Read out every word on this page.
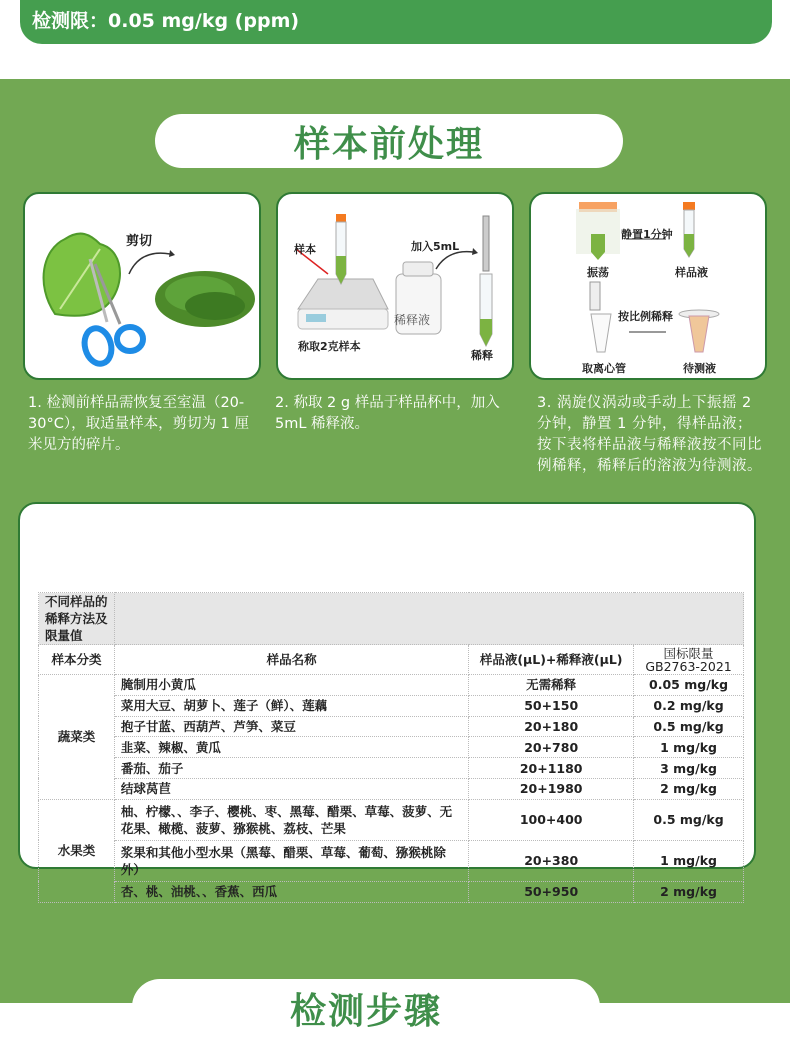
检测限：0.05 mg/kg (ppm)
样本前处理
剪切
1. 检测前样品需恢复至室温（20-30°C），取适量样本，剪切为 1 厘米见方的碎片。
样本	加入5mL
称取2克样本
稀释液
稀释
2. 称取 2 g 样品于样品杯中，加入 5mL 稀释液。
静置1分钟
振荡	样品液
按比例稀释
取离心管	待测液
3. 涡旋仪涡动或手动上下振摇 2 分钟，静置 1 分钟，得样品液；按下表将样品液与稀释液按不同比例稀释，稀释后的溶液为待测液。
不同样品的稀释方法及限量值			
样本分类	样品名称	样品液(μL)+稀释液(μL)	国标限量
GB2763-2021

蔬菜类	腌制用小黄瓜	无需稀释	0.05 mg/kg
	菜用大豆、胡萝卜、莲子（鲜）、莲藕	50+150	0.2 mg/kg
	抱子甘蓝、西葫芦、芦笋、菜豆	20+180	0.5 mg/kg
	韭菜、辣椒、黄瓜	20+780	1 mg/kg
	番茄、茄子	20+1180	3 mg/kg
	结球莴苣	20+1980	2 mg/kg
水果类	柚、柠檬、、李子、樱桃、枣、黑莓、醋栗、草莓、菠萝、无花果、橄榄、菠萝、猕猴桃、荔枝、芒果	100+400	0.5 mg/kg
	浆果和其他小型水果（黑莓、醋栗、草莓、葡萄、猕猴桃除外）	20+380	1 mg/kg
	杏、桃、油桃、、香蕉、西瓜	50+950	2 mg/kg
检测步骤
